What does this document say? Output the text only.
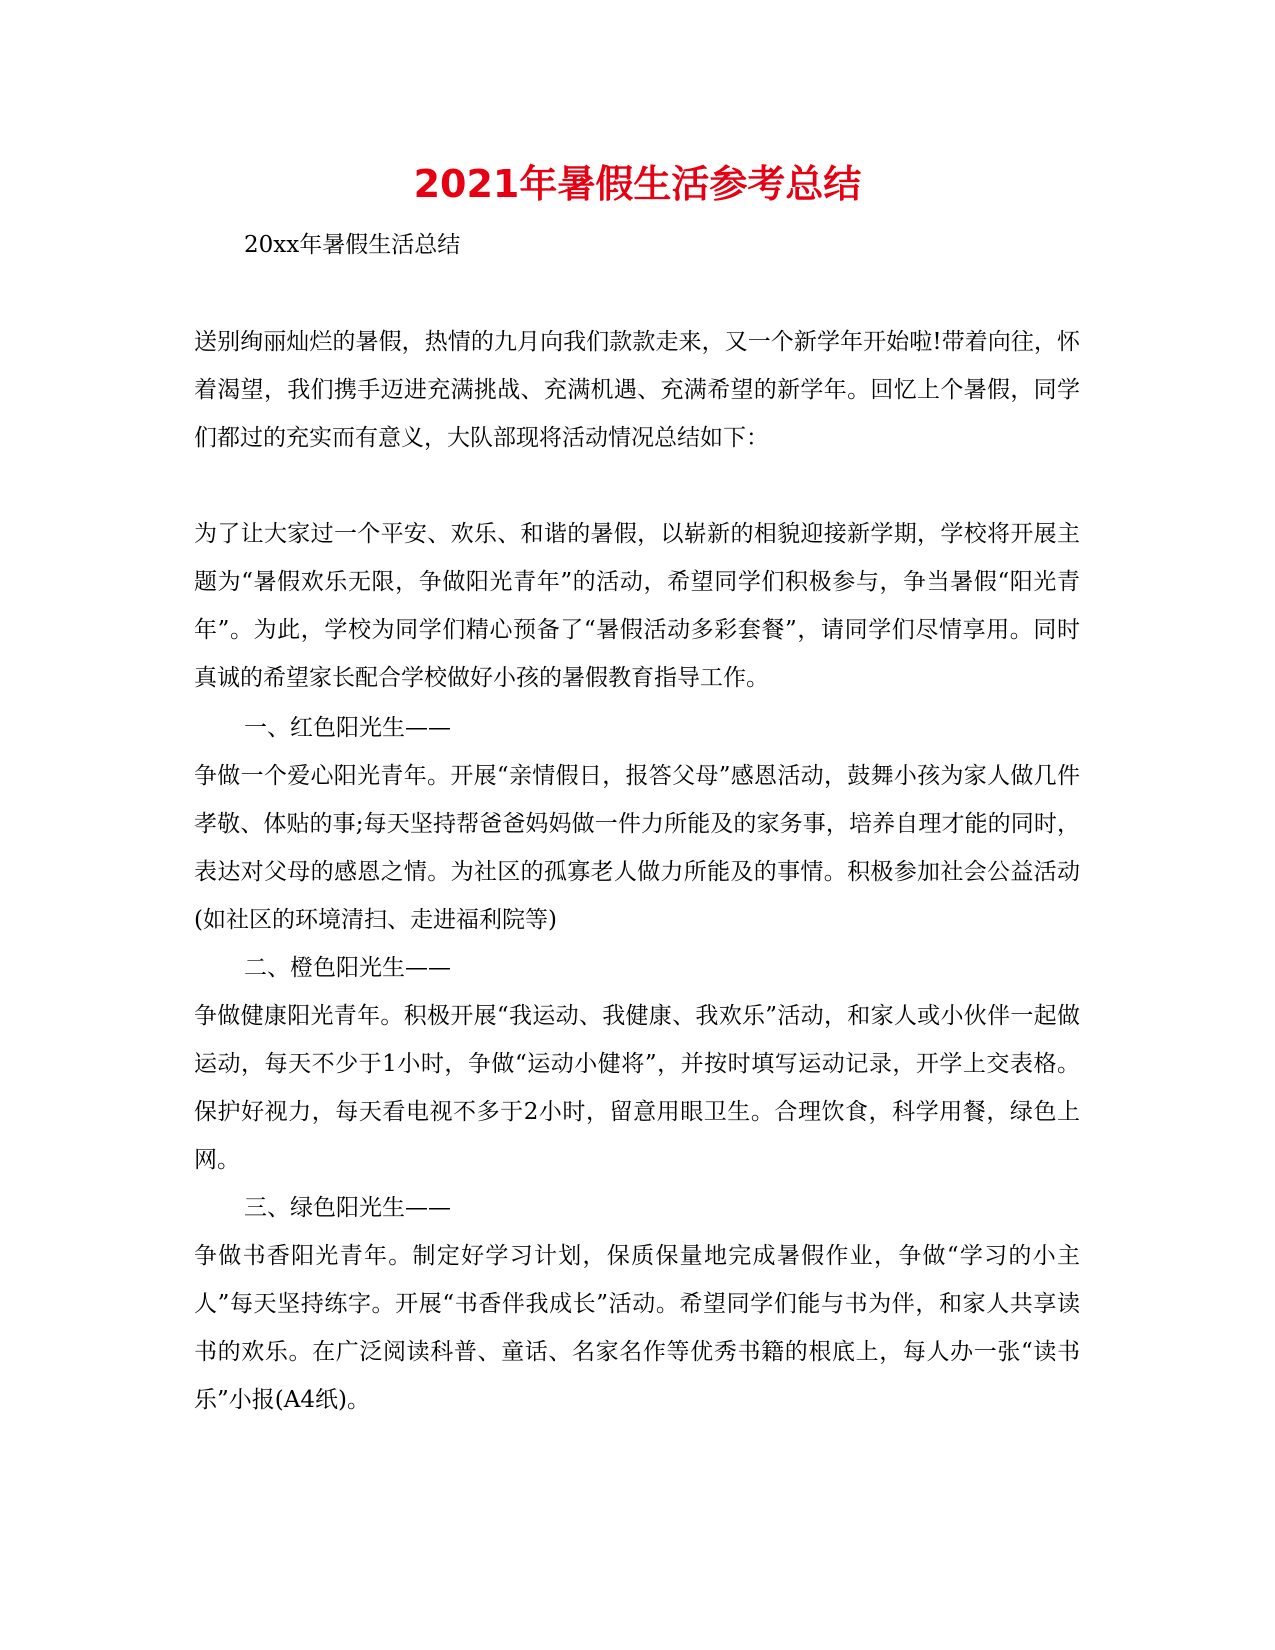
2021年暑假生活参考总结

20xx年暑假生活总结

送别绚丽灿烂的暑假，热情的九月向我们款款走来，又一个新学年开始啦!带着向往，怀着渴望，我们携手迈进充满挑战、充满机遇、充满希望的新学年。回忆上个暑假，同学们都过的充实而有意义，大队部现将活动情况总结如下：

为了让大家过一个平安、欢乐、和谐的暑假，以崭新的相貌迎接新学期，学校将开展主题为“暑假欢乐无限，争做阳光青年”的活动，希望同学们积极参与，争当暑假“阳光青年”。为此，学校为同学们精心预备了“暑假活动多彩套餐”，请同学们尽情享用。同时真诚的希望家长配合学校做好小孩的暑假教育指导工作。

一、红色阳光生——

争做一个爱心阳光青年。开展“亲情假日，报答父母”感恩活动，鼓舞小孩为家人做几件孝敬、体贴的事;每天坚持帮爸爸妈妈做一件力所能及的家务事，培养自理才能的同时，表达对父母的感恩之情。为社区的孤寡老人做力所能及的事情。积极参加社会公益活动(如社区的环境清扫、走进福利院等)

二、橙色阳光生——

争做健康阳光青年。积极开展“我运动、我健康、我欢乐”活动，和家人或小伙伴一起做运动，每天不少于1小时，争做“运动小健将”，并按时填写运动记录，开学上交表格。保护好视力，每天看电视不多于2小时，留意用眼卫生。合理饮食，科学用餐，绿色上网。

三、绿色阳光生——

争做书香阳光青年。制定好学习计划，保质保量地完成暑假作业，争做“学习的小主人”每天坚持练字。开展“书香伴我成长”活动。希望同学们能与书为伴，和家人共享读书的欢乐。在广泛阅读科普、童话、名家名作等优秀书籍的根底上，每人办一张“读书乐”小报(A4纸)。
